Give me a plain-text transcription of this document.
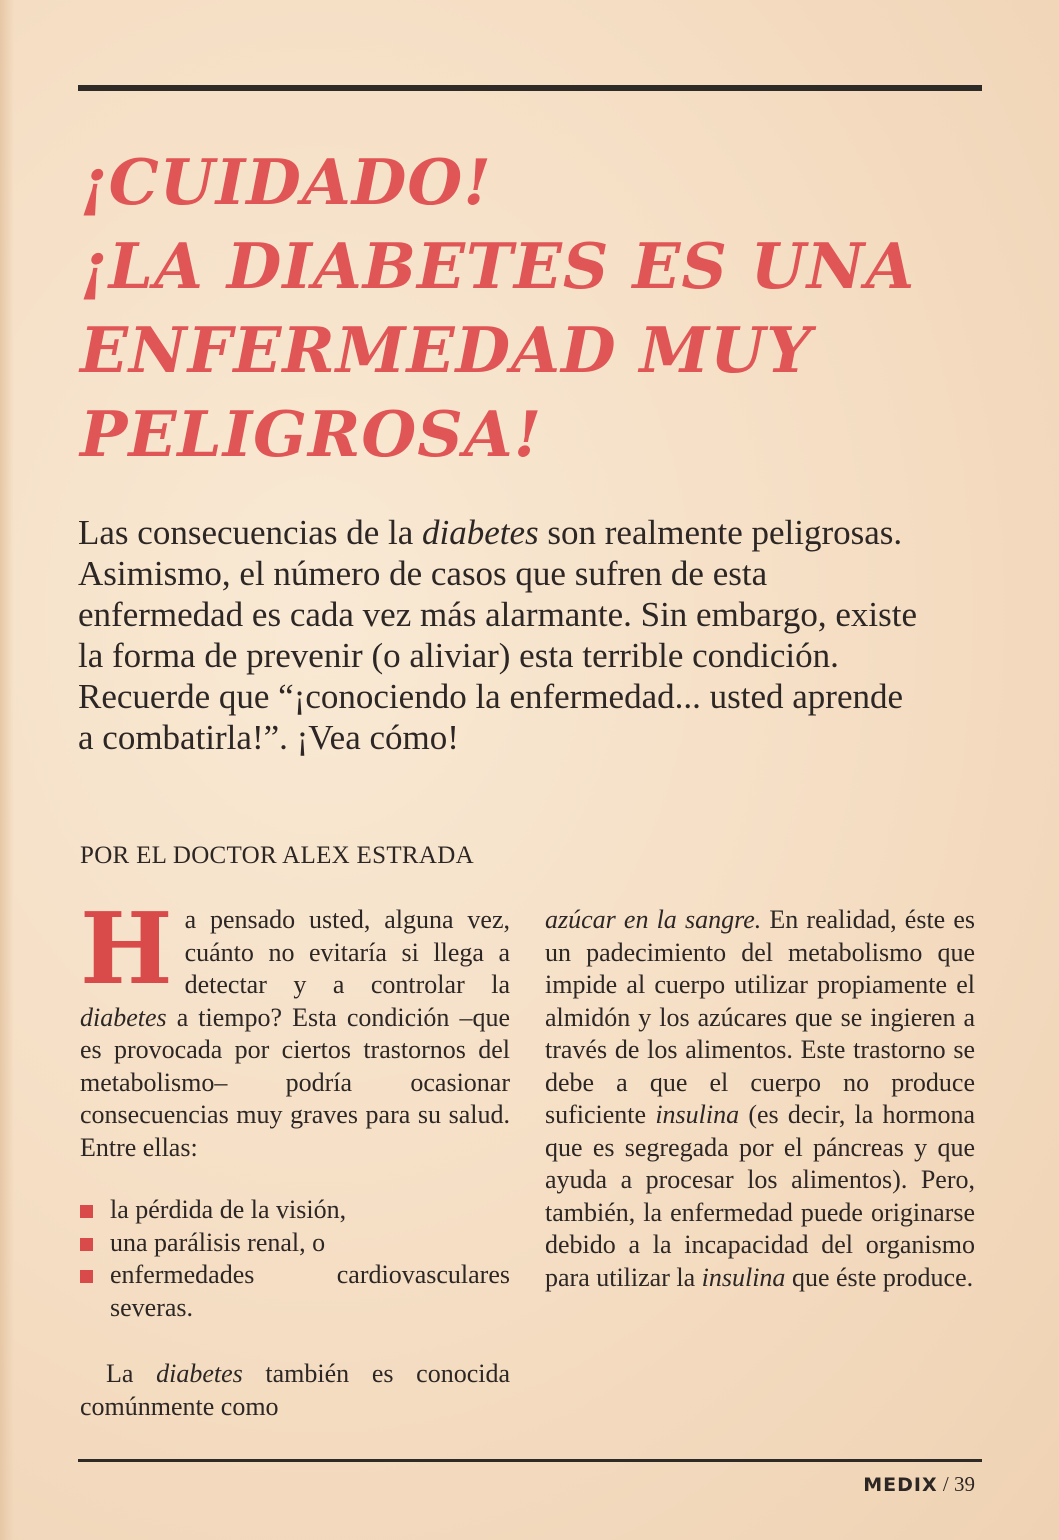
¡CUIDADO!
¡LA DIABETES ES UNA
ENFERMEDAD MUY
PELIGROSA!
Las consecuencias de la diabetes son realmente peligrosas. Asimismo, el número de casos que sufren de esta enfermedad es cada vez más alarmante. Sin embargo, existe la forma de prevenir (o aliviar) esta terrible condición. Recuerde que “¡conociendo la enfermedad... usted aprende a combatirla!”. ¡Vea cómo!
POR EL DOCTOR ALEX ESTRADA
H a pensado usted, alguna vez, cuánto no evitaría si llega a detectar y a controlar la diabetes a tiempo? Esta condición –que es provocada por ciertos trastornos del metabolismo– podría ocasionar consecuencias muy graves para su salud. Entre ellas:

la pérdida de la visión,
una parálisis renal, o
enfermedades cardiovasculares severas.

La diabetes también es conocida comúnmente como

azúcar en la sangre. En realidad, éste es un padecimiento del metabolismo que impide al cuerpo utilizar propiamente el almidón y los azúcares que se ingieren a través de los alimentos. Este trastorno se debe a que el cuerpo no produce suficiente insulina (es decir, la hormona que es segregada por el páncreas y que ayuda a procesar los alimentos). Pero, también, la enfermedad puede originarse debido a la incapacidad del organismo para utilizar la insulina que éste produce.

MEDIX / 39
